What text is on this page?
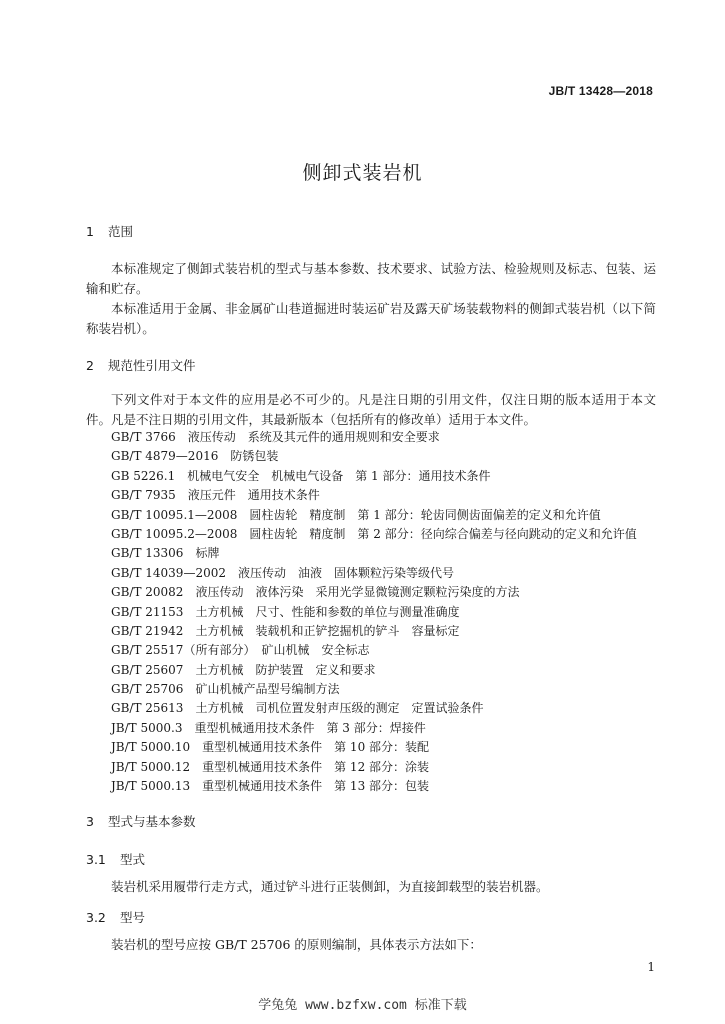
JB/T 13428—2018
侧卸式装岩机
1 范围
本标准规定了侧卸式装岩机的型式与基本参数、技术要求、试验方法、检验规则及标志、包装、运输和贮存。
本标准适用于金属、非金属矿山巷道掘进时装运矿岩及露天矿场装载物料的侧卸式装岩机（以下简称装岩机）。
2 规范性引用文件
下列文件对于本文件的应用是必不可少的。凡是注日期的引用文件，仅注日期的版本适用于本文件。凡是不注日期的引用文件，其最新版本（包括所有的修改单）适用于本文件。
GB/T 3766　液压传动　系统及其元件的通用规则和安全要求
GB/T 4879—2016　防锈包装
GB 5226.1　机械电气安全　机械电气设备　第 1 部分：通用技术条件
GB/T 7935　液压元件　通用技术条件
GB/T 10095.1—2008　圆柱齿轮　精度制　第 1 部分：轮齿同侧齿面偏差的定义和允许值
GB/T 10095.2—2008　圆柱齿轮　精度制　第 2 部分：径向综合偏差与径向跳动的定义和允许值
GB/T 13306　标牌
GB/T 14039—2002　液压传动　油液　固体颗粒污染等级代号
GB/T 20082　液压传动　液体污染　采用光学显微镜测定颗粒污染度的方法
GB/T 21153　土方机械　尺寸、性能和参数的单位与测量准确度
GB/T 21942　土方机械　装载机和正铲挖掘机的铲斗　容量标定
GB/T 25517（所有部分）　矿山机械　安全标志
GB/T 25607　土方机械　防护装置　定义和要求
GB/T 25706　矿山机械产品型号编制方法
GB/T 25613　土方机械　司机位置发射声压级的测定　定置试验条件
JB/T 5000.3　重型机械通用技术条件　第 3 部分：焊接件
JB/T 5000.10　重型机械通用技术条件　第 10 部分：装配
JB/T 5000.12　重型机械通用技术条件　第 12 部分：涂装
JB/T 5000.13　重型机械通用技术条件　第 13 部分：包装
3 型式与基本参数
3.1 型式
装岩机采用履带行走方式，通过铲斗进行正装侧卸，为直接卸载型的装岩机器。
3.2 型号
装岩机的型号应按 GB/T 25706 的原则编制，具体表示方法如下：
1
学兔兔 www.bzfxw.com 标准下载
